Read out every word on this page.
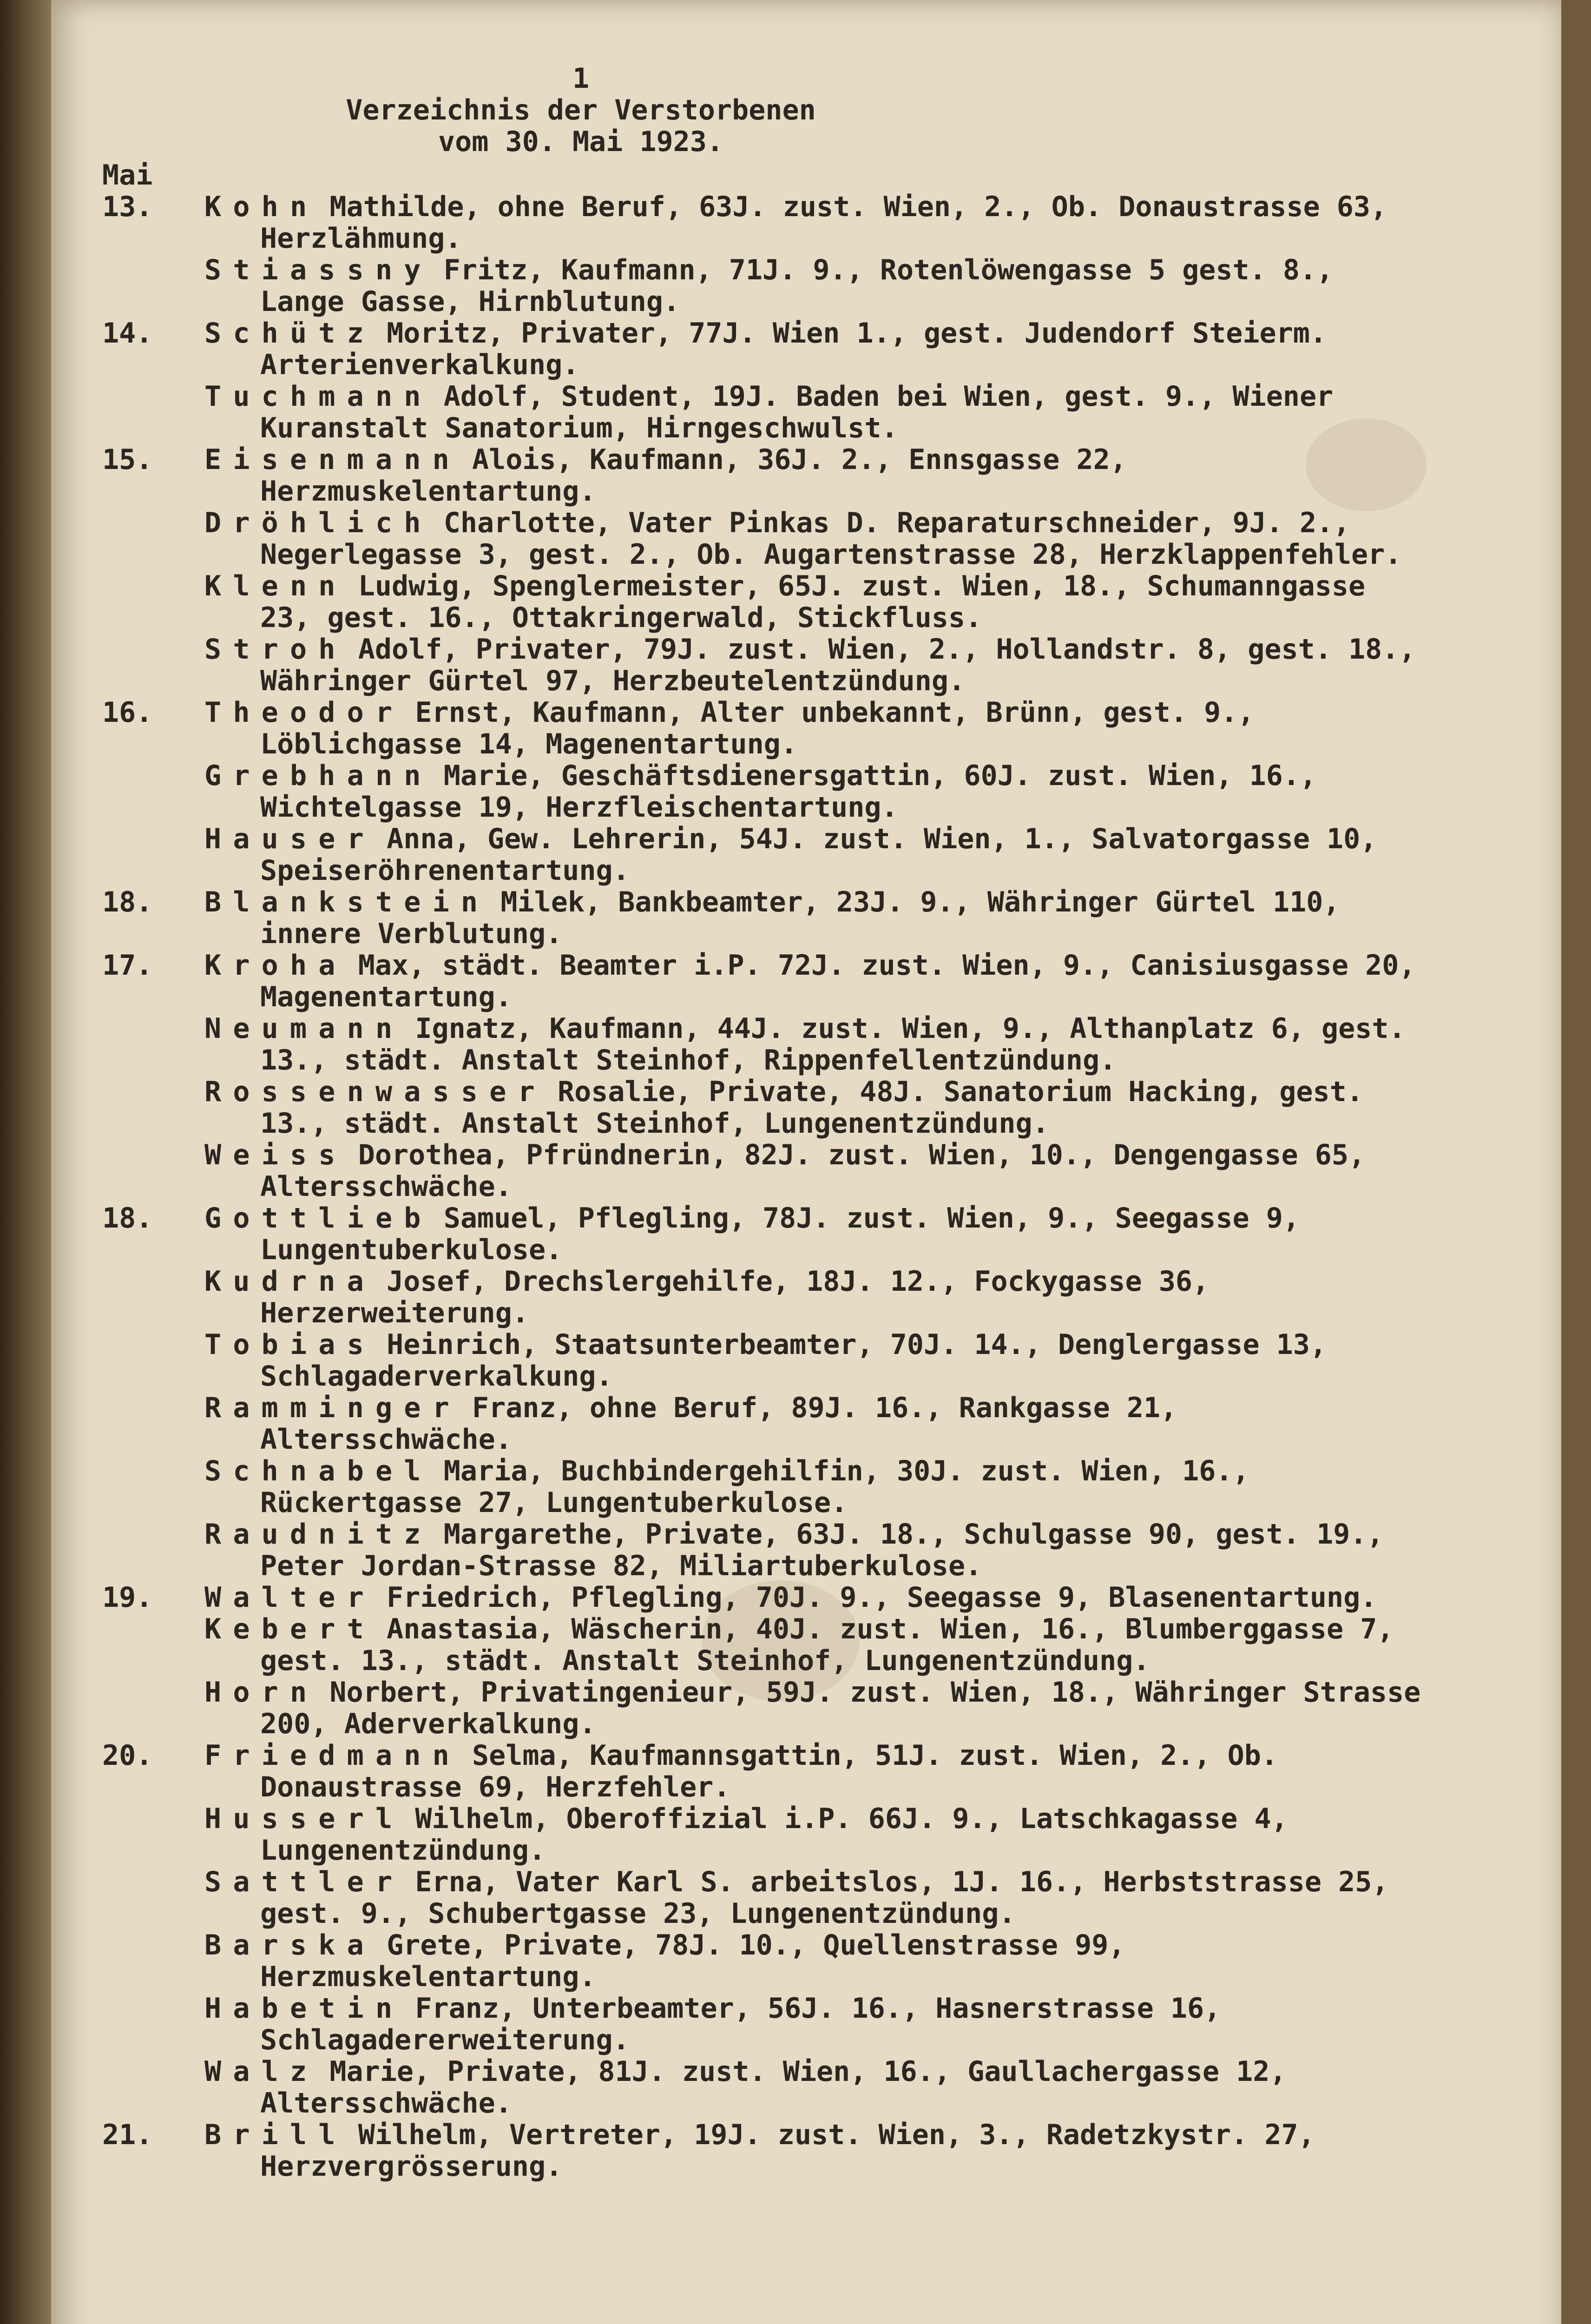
1
Verzeichnis der Verstorbenen
vom 30. Mai 1923.
Mai
13.	Kohn Mathilde, ohne Beruf, 63J. zust. Wien, 2., Ob. Donaustrasse 63, Herzlähmung.
Stiassny Fritz, Kaufmann, 71J. 9., Rotenlöwengasse 5 gest. 8., Lange Gasse, Hirnblutung.
14.	Schütz Moritz, Privater, 77J. Wien 1., gest. Judendorf Steierm. Arterienverkalkung.
Tuchmann Adolf, Student, 19J. Baden bei Wien, gest. 9., Wiener Kuranstalt Sanatorium, Hirngeschwulst.
15.	Eisenmann Alois, Kaufmann, 36J. 2., Ennsgasse 22, Herzmuskelentartung.
Dröhlich Charlotte, Vater Pinkas D. Reparaturschneider, 9J. 2., Negerlegasse 3, gest. 2., Ob. Augartenstrasse 28, Herzklappenfehler.
Klenn Ludwig, Spenglermeister, 65J. zust. Wien, 18., Schumanngasse 23, gest. 16., Ottakringerwald, Stickfluss.
Stroh Adolf, Privater, 79J. zust. Wien, 2., Hollandstr. 8, gest. 18., Währinger Gürtel 97, Herzbeutelentzündung.
16.	Theodor Ernst, Kaufmann, Alter unbekannt, Brünn, gest. 9., Löblichgasse 14, Magenentartung.
Grebhann Marie, Geschäftsdienersgattin, 60J. zust. Wien, 16., Wichtelgasse 19, Herzfleischentartung.
Hauser Anna, Gew. Lehrerin, 54J. zust. Wien, 1., Salvatorgasse 10, Speiseröhrenentartung.
18.	Blankstein Milek, Bankbeamter, 23J. 9., Währinger Gürtel 110, innere Verblutung.
17.	Kroha Max, städt. Beamter i.P. 72J. zust. Wien, 9., Canisiusgasse 20, Magenentartung.
Neumann Ignatz, Kaufmann, 44J. zust. Wien, 9., Althanplatz 6, gest. 13., städt. Anstalt Steinhof, Rippenfellentzündung.
Rossenwasser Rosalie, Private, 48J. Sanatorium Hacking, gest. 13., städt. Anstalt Steinhof, Lungenentzündung.
Weiss Dorothea, Pfründnerin, 82J. zust. Wien, 10., Dengengasse 65, Altersschwäche.
18.	Gottlieb Samuel, Pflegling, 78J. zust. Wien, 9., Seegasse 9, Lungentuberkulose.
Kudrna Josef, Drechslergehilfe, 18J. 12., Fockygasse 36, Herzerweiterung.
Tobias Heinrich, Staatsunterbeamter, 70J. 14., Denglergasse 13, Schlagaderverkalkung.
Ramminger Franz, ohne Beruf, 89J. 16., Rankgasse 21, Altersschwäche.
Schnabel Maria, Buchbindergehilfin, 30J. zust. Wien, 16., Rückertgasse 27, Lungentuberkulose.
Raudnitz Margarethe, Private, 63J. 18., Schulgasse 90, gest. 19., Peter Jordan-Strasse 82, Miliartuberkulose.
19.	Walter Friedrich, Pflegling, 70J. 9., Seegasse 9, Blasenentartung.
Kebert Anastasia, Wäscherin, 40J. zust. Wien, 16., Blumberggasse 7, gest. 13., städt. Anstalt Steinhof, Lungenentzündung.
Horn Norbert, Privatingenieur, 59J. zust. Wien, 18., Währinger Strasse 200, Aderverkalkung.
20.	Friedmann Selma, Kaufmannsgattin, 51J. zust. Wien, 2., Ob. Donaustrasse 69, Herzfehler.
Husserl Wilhelm, Oberoffizial i.P. 66J. 9., Latschkagasse 4, Lungenentzündung.
Sattler Erna, Vater Karl S. arbeitslos, 1J. 16., Herbststrasse 25, gest. 9., Schubertgasse 23, Lungenentzündung.
Barska Grete, Private, 78J. 10., Quellenstrasse 99, Herzmuskelentartung.
Habetin Franz, Unterbeamter, 56J. 16., Hasnerstrasse 16, Schlagadererweiterung.
Walz Marie, Private, 81J. zust. Wien, 16., Gaullachergasse 12, Altersschwäche.
21.	Brill Wilhelm, Vertreter, 19J. zust. Wien, 3., Radetzkystr. 27, Herzvergrösserung.
